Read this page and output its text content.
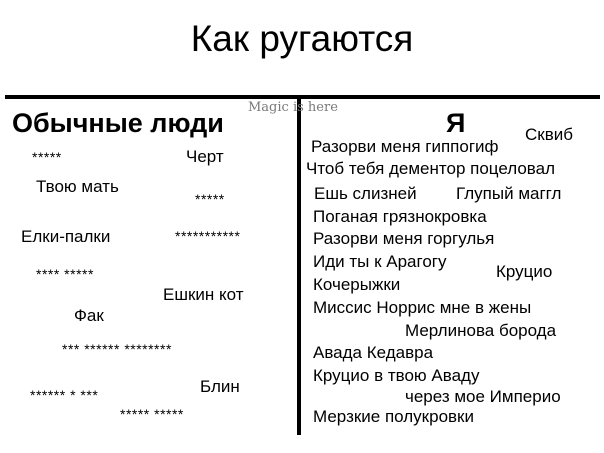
Как ругаются
Magic is here
Обычные люди
*****	Черт
Твою мать
*****
Елки-палки	***********
**** *****
Ешкин кот
Фак
*** ****** ********
Блин
****** * ***
***** *****
Я	Сквиб
Разорви меня гиппогиф
Чтоб тебя дементор поцеловал
Ешь слизней Глупый маггл
Поганая грязнокровка
Разорви меня горгулья
Иди ты к Арагогу
Круцио
Кочерыжки
Миссис Норрис мне в жены
Мерлинова борода
Авада Кедавра
Круцио в твою Аваду
через мое Империо
Мерзкие полукровки
